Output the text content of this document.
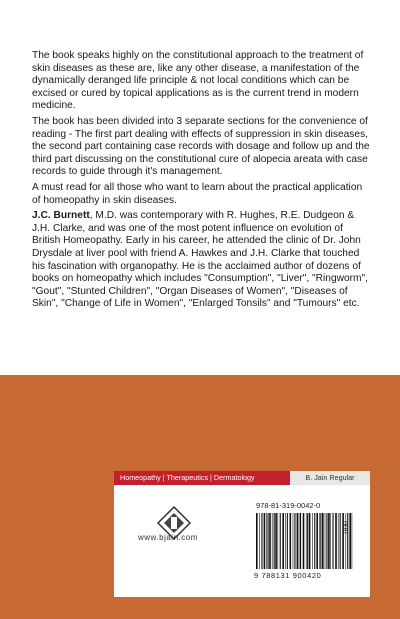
The book speaks highly on the constitutional approach to the treatment of skin diseases as these are, like any other disease, a manifestation of the dynamically deranged life principle & not local conditions which can be excised or cured by topical applications as is the current trend in modern medicine.

The book has been divided into 3 separate sections for the convenience of reading - The first part dealing with effects of suppression in skin diseases, the second part containing case records with dosage and follow up and the third part discussing on the constitutional cure of alopecia areata with case records to guide through it's management.

A must read for all those who want to learn about the practical application of homeopathy in skin diseases.

J.C. Burnett, M.D. was contemporary with R. Hughes, R.E. Dudgeon & J.H. Clarke, and was one of the most potent influence on evolution of British Homeopathy. Early in his career, he attended the clinic of Dr. John Drysdale at liver pool with friend A. Hawkes and J.H. Clarke that touched his fascination with organopathy. He is the acclaimed author of dozens of books on homeopathy which includes "Consumption", "Liver", "Ringworm", "Gout", "Stunted Children", "Organ Diseases of Women", "Diseases of Skin", "Change of Life in Women", "Enlarged Tonsils" and "Tumours" etc.

Homeopathy | Therapeutics | Dermatology	B. Jain Regular
www.bjain.com
978-81-319-0042-0
9 788131 900420
800
